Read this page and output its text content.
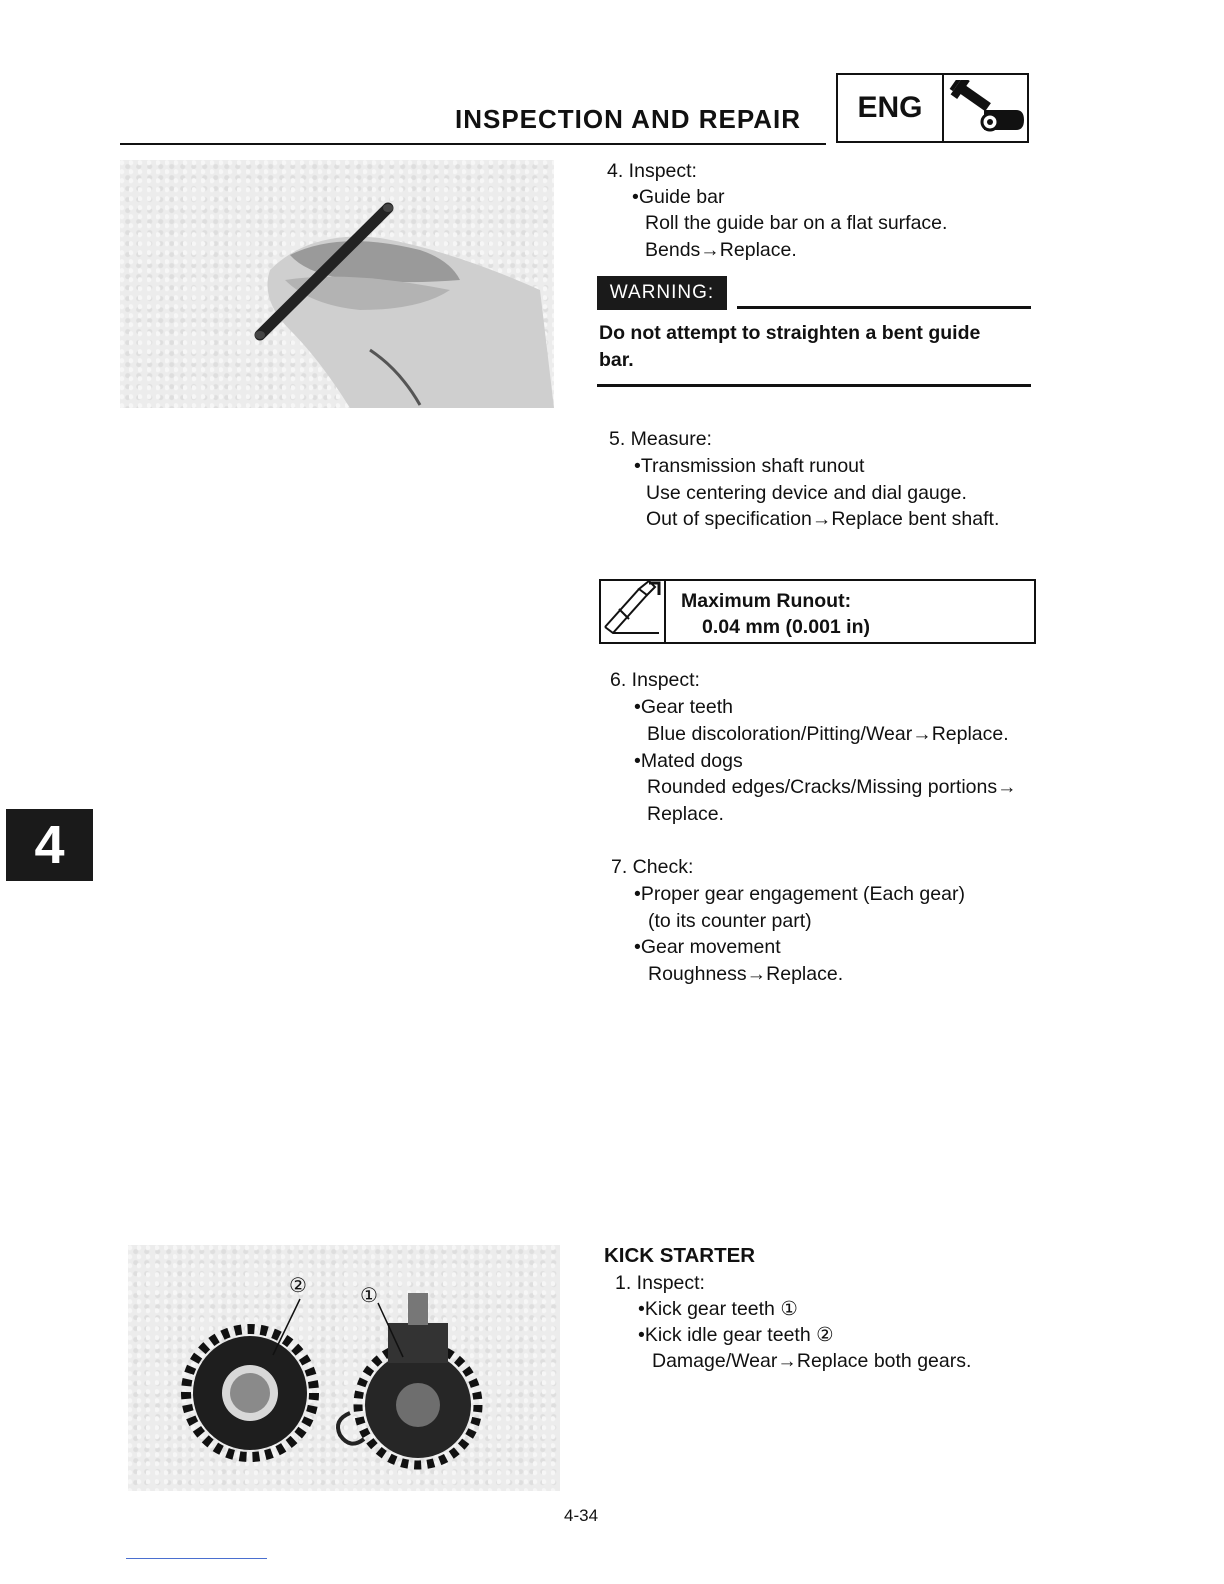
INSPECTION AND REPAIR	ENG
4. Inspect:
•Guide bar
Roll the guide bar on a flat surface.
Bends→Replace.
WARNING:
Do not attempt to straighten a bent guide
bar.
5. Measure:
•Transmission shaft runout
Use centering device and dial gauge.
Out of specification→Replace bent shaft.
Maximum Runout:
0.04 mm (0.001 in)
6. Inspect:
•Gear teeth
Blue discoloration/Pitting/Wear→Replace.
•Mated dogs
Rounded edges/Cracks/Missing portions→
Replace.
4	7. Check:
•Proper gear engagement (Each gear)
(to its counter part)
•Gear movement
Roughness→Replace.
②	①
KICK STARTER
1. Inspect:
•Kick gear teeth ①
•Kick idle gear teeth ②
Damage/Wear→Replace both gears.
4-34
